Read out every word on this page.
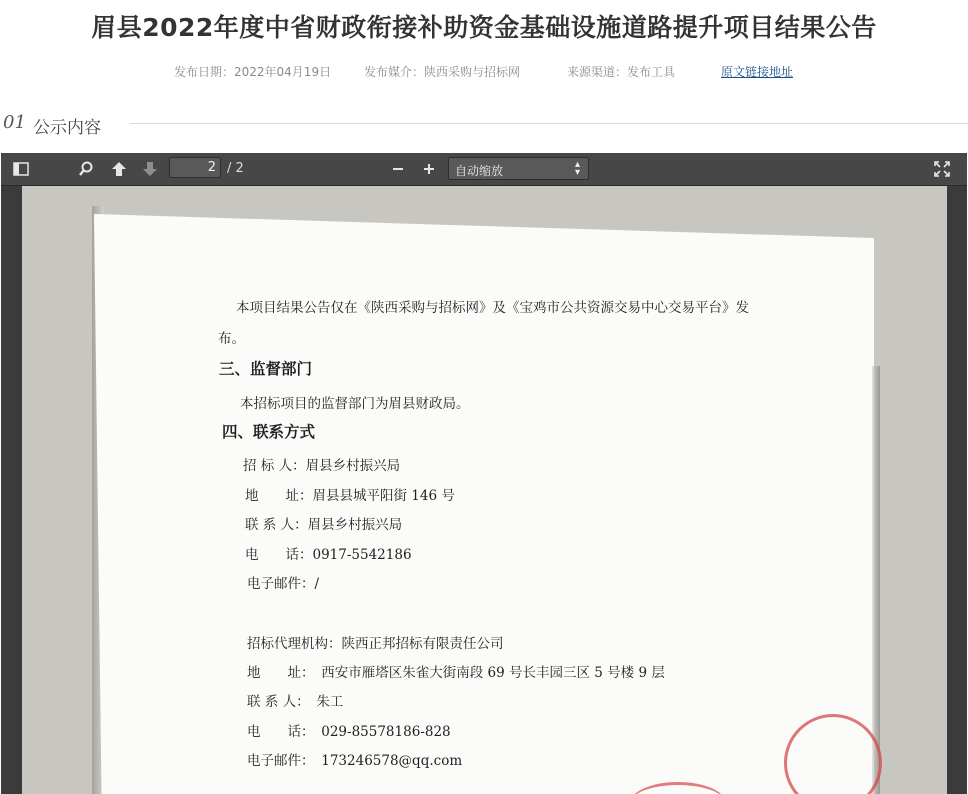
眉县2022年度中省财政衔接补助资金基础设施道路提升项目结果公告
发布日期：2022年04月19日	发布媒介：陕西采购与招标网	来源渠道：发布工具	原文链接地址
01 公示内容
2 / 2	自动缩放	▴
▾
本项目结果公告仅在《陕西采购与招标网》及《宝鸡市公共资源交易中心交易平台》发
布。
三、监督部门
本招标项目的监督部门为眉县财政局。
四、联系方式
招 标 人：眉县乡村振兴局
地　　址：眉县县城平阳街 146 号
联 系 人：眉县乡村振兴局
电　　话：0917-5542186
电子邮件：/
招标代理机构：陕西正邦招标有限责任公司
地　　址：　西安市雁塔区朱雀大街南段 69 号长丰园三区 5 号楼 9 层
联 系 人：　朱工
电　　话：　029-85578186-828
电子邮件：　173246578@qq.com
